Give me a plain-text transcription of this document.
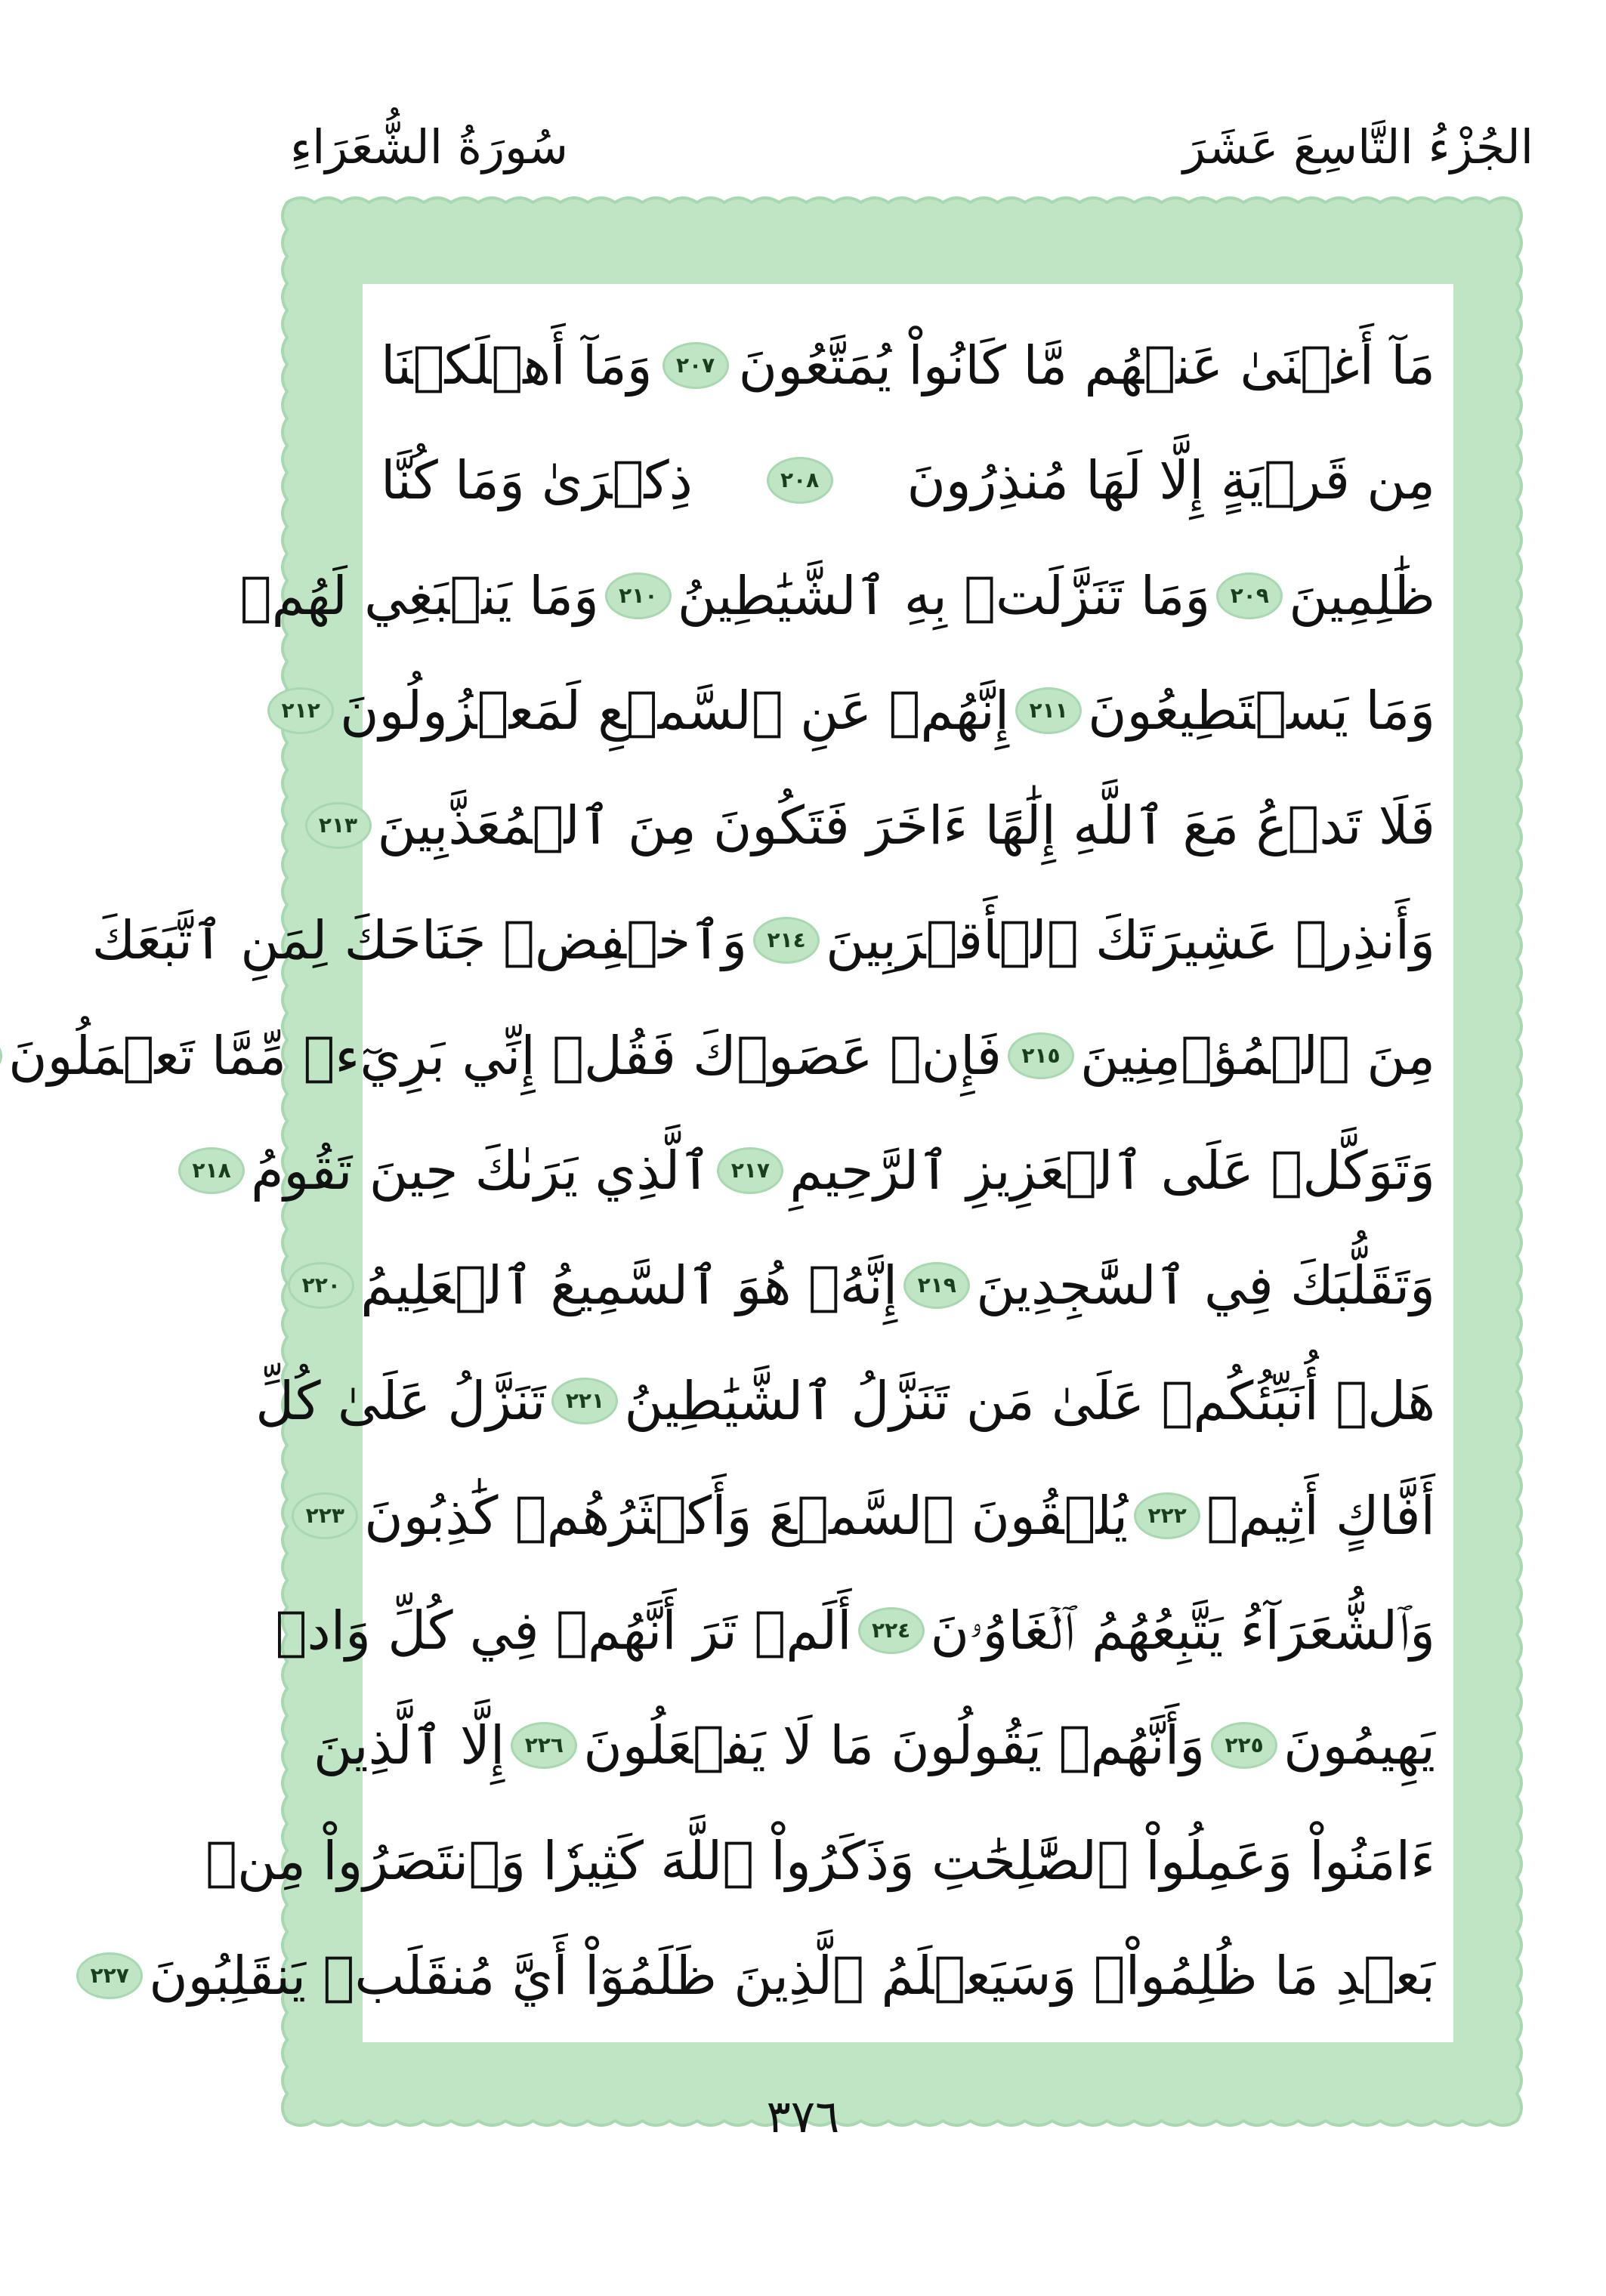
الجُزْءُ التَّاسِعَ عَشَرَ
سُورَةُ الشُّعَرَاءِ
مَآ أَغۡنَىٰ عَنۡهُم مَّا كَانُواْ يُمَتَّعُونَ
٢٠٧
وَمَآ أَهۡلَكۡنَا
مِن قَرۡيَةٍ إِلَّا لَهَا مُنذِرُونَ
٢٠٨
ذِكۡرَىٰ وَمَا كُنَّا
ظَٰلِمِينَ
٢٠٩
وَمَا تَنَزَّلَتۡ بِهِ ٱلشَّيَٰطِينُ
٢١٠
وَمَا يَنۢبَغِي لَهُمۡ
وَمَا يَسۡتَطِيعُونَ
٢١١
إِنَّهُمۡ عَنِ ٱلسَّمۡعِ لَمَعۡزُولُونَ
٢١٢
فَلَا تَدۡعُ مَعَ ٱللَّهِ إِلَٰهًا ءَاخَرَ فَتَكُونَ مِنَ ٱلۡمُعَذَّبِينَ
٢١٣
وَأَنذِرۡ عَشِيرَتَكَ ٱلۡأَقۡرَبِينَ
٢١٤
وَٱخۡفِضۡ جَنَاحَكَ لِمَنِ ٱتَّبَعَكَ
مِنَ ٱلۡمُؤۡمِنِينَ
٢١٥
فَإِنۡ عَصَوۡكَ فَقُلۡ إِنِّي بَرِيٓءٞ مِّمَّا تَعۡمَلُونَ
وَتَوَكَّلۡ عَلَى ٱلۡعَزِيزِ ٱلرَّحِيمِ
٢١٧
ٱلَّذِي يَرَىٰكَ حِينَ تَقُومُ
٢١٨
وَتَقَلُّبَكَ فِي ٱلسَّٰجِدِينَ
٢١٩
إِنَّهُۥ هُوَ ٱلسَّمِيعُ ٱلۡعَلِيمُ
٢٢٠
هَلۡ أُنَبِّئُكُمۡ عَلَىٰ مَن تَنَزَّلُ ٱلشَّيَٰطِينُ
٢٢١
تَنَزَّلُ عَلَىٰ كُلِّ
أَفَّاكٍ أَثِيمٖ
٢٢٢
يُلۡقُونَ ٱلسَّمۡعَ وَأَكۡثَرُهُمۡ كَٰذِبُونَ
٢٢٣
وَٱلشُّعَرَآءُ يَتَّبِعُهُمُ ٱلۡغَاوُۥنَ
٢٢٤
أَلَمۡ تَرَ أَنَّهُمۡ فِي كُلِّ وَادٖ
يَهِيمُونَ
٢٢٥
وَأَنَّهُمۡ يَقُولُونَ مَا لَا يَفۡعَلُونَ
٢٢٦
إِلَّا ٱلَّذِينَ
ءَامَنُواْ وَعَمِلُواْ ٱلصَّٰلِحَٰتِ وَذَكَرُواْ ٱللَّهَ كَثِيرٗا وَٱنتَصَرُواْ مِنۢ
بَعۡدِ مَا ظُلِمُواْۗ وَسَيَعۡلَمُ ٱلَّذِينَ ظَلَمُوٓاْ أَيَّ مُنقَلَبٖ يَنقَلِبُونَ
٢٢٧
٣٧٦
